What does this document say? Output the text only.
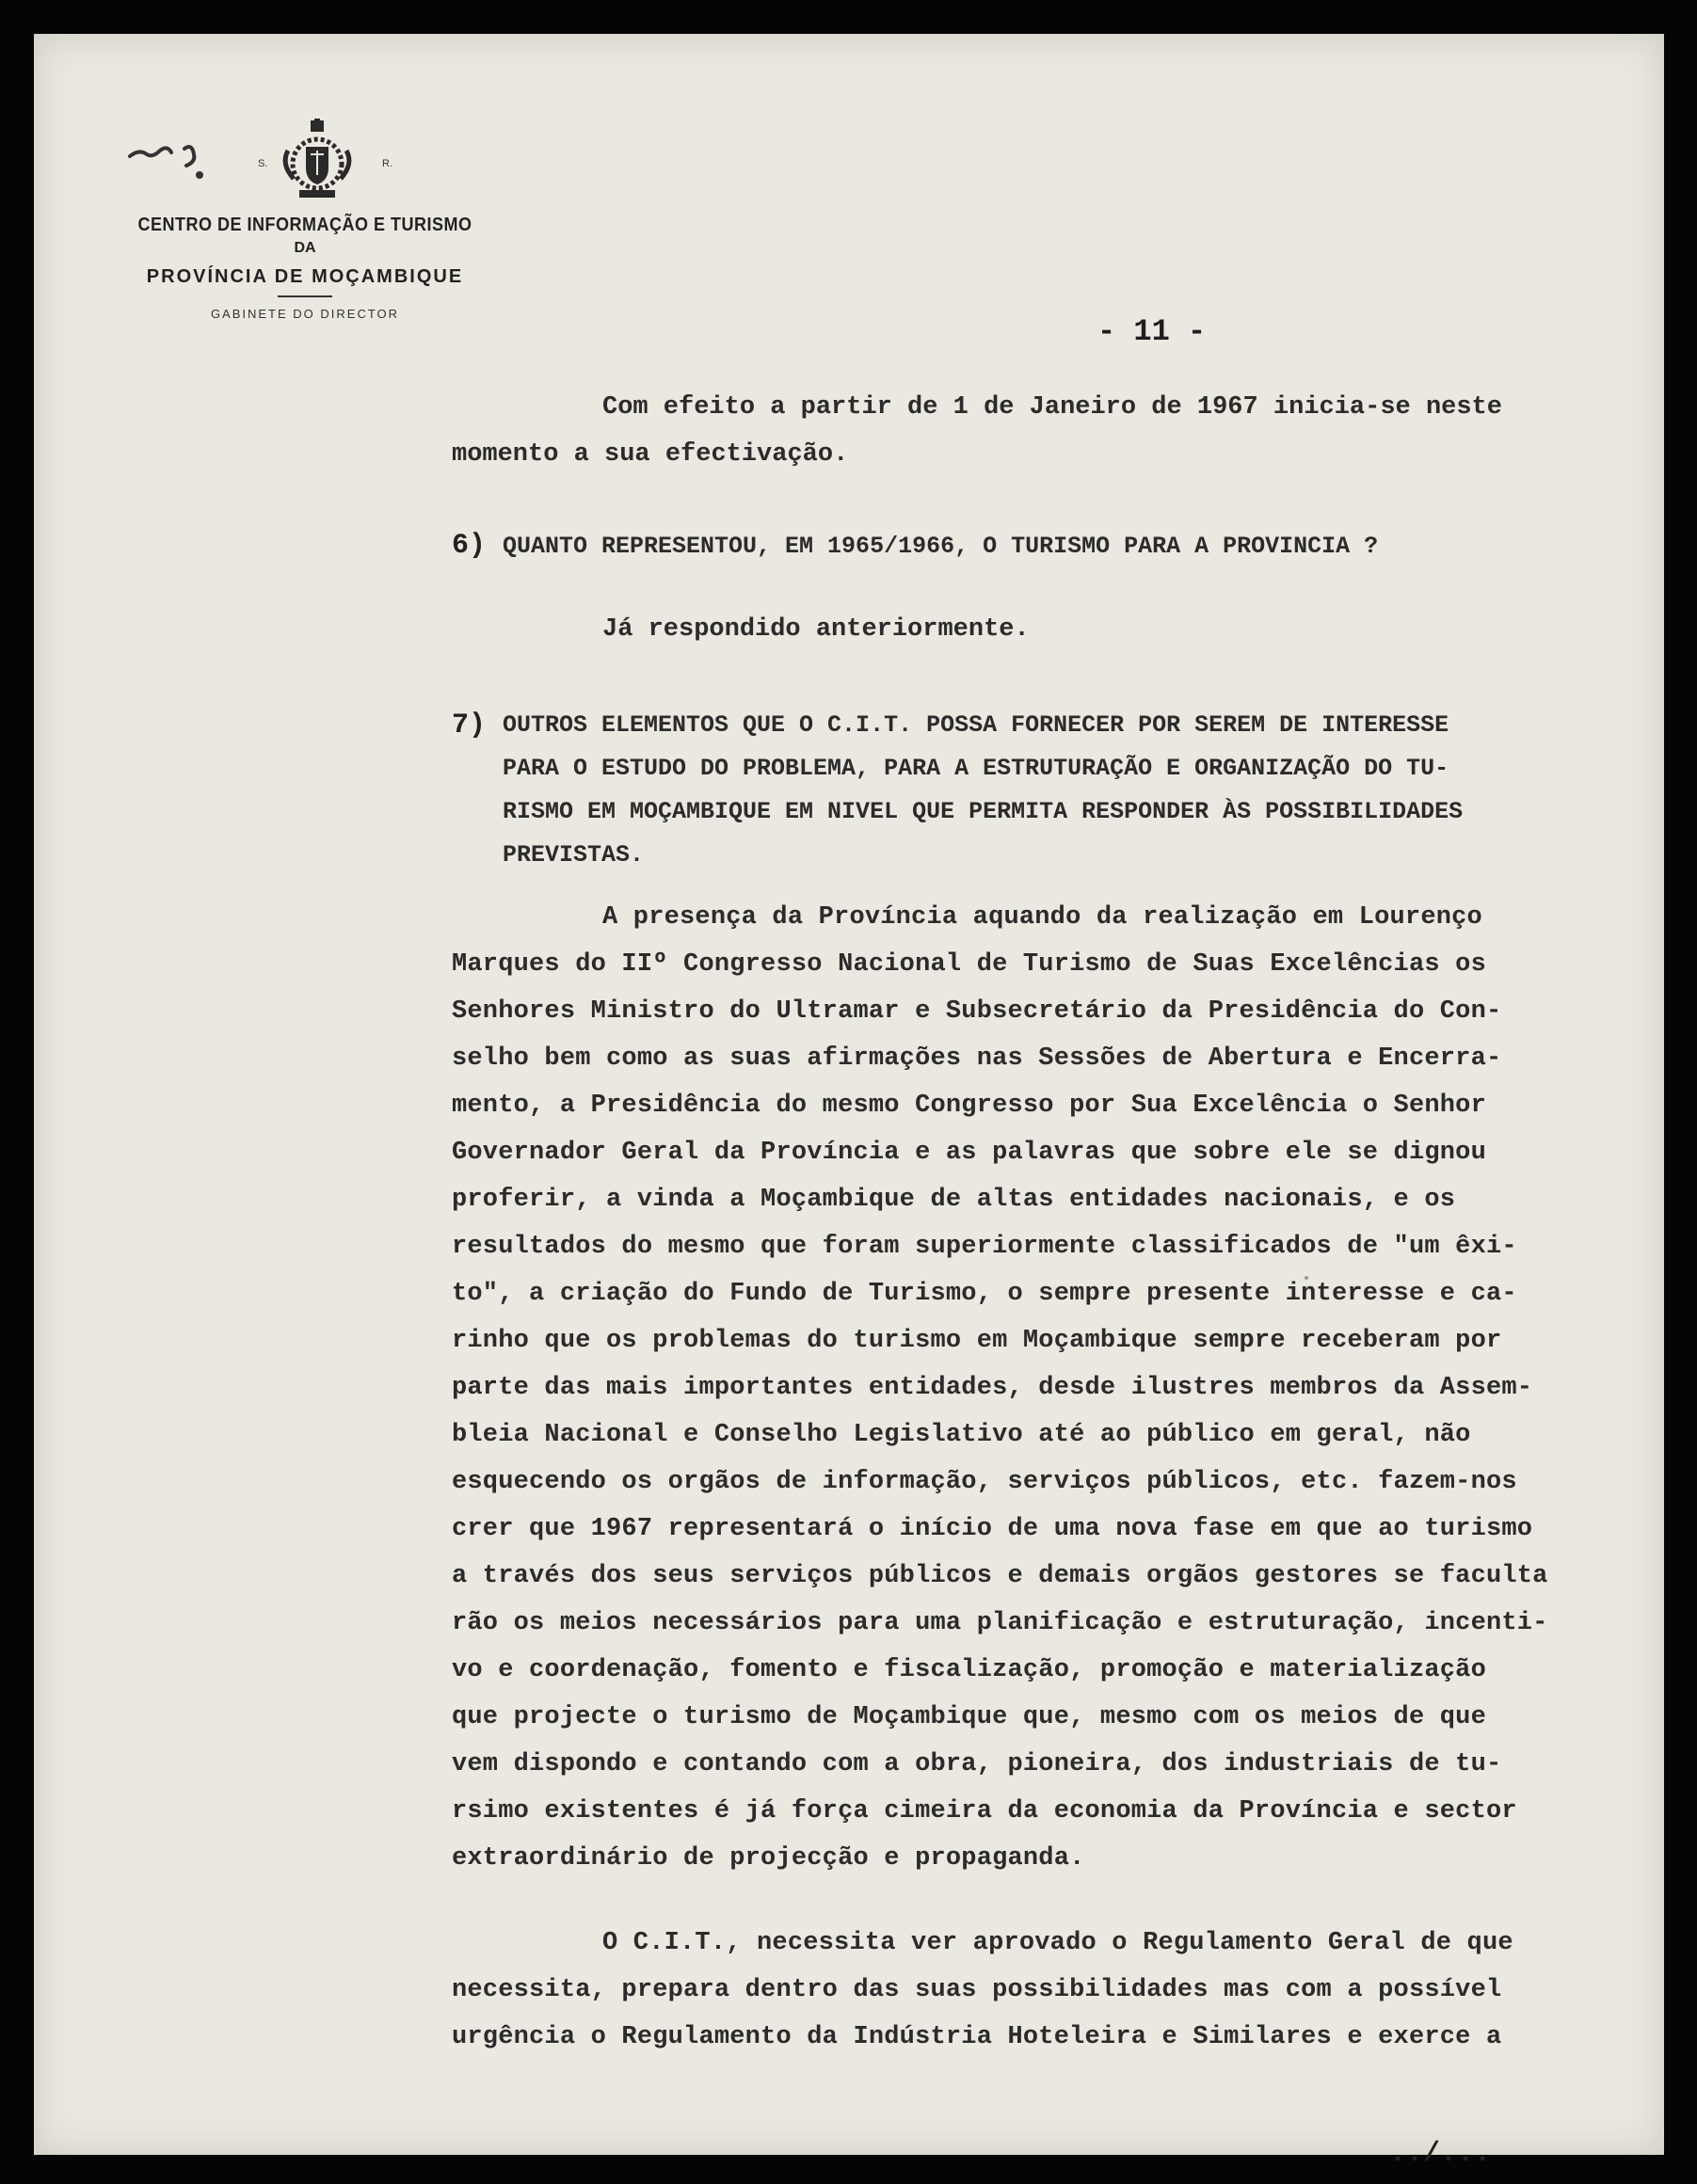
S.	R.
CENTRO DE INFORMAÇÃO E TURISMO
DA
PROVÍNCIA DE MOÇAMBIQUE
GABINETE DO DIRECTOR
- 11 -
Com efeito a partir de 1 de Janeiro de 1967 inicia-se neste
momento a sua efectivação.
6) QUANTO REPRESENTOU, EM 1965/1966, O TURISMO PARA A PROVINCIA ?
Já respondido anteriormente.
7) OUTROS ELEMENTOS QUE O C.I.T. POSSA FORNECER POR SEREM DE INTERESSE
PARA O ESTUDO DO PROBLEMA, PARA A ESTRUTURAÇÃO E ORGANIZAÇÃO DO TU-
RISMO EM MOÇAMBIQUE EM NIVEL QUE PERMITA RESPONDER ÀS POSSIBILIDADES
PREVISTAS.
A presença da Província aquando da realização em Lourenço
Marques do IIº Congresso Nacional de Turismo de Suas Excelências os
Senhores Ministro do Ultramar e Subsecretário da Presidência do Con-
selho bem como as suas afirmações nas Sessões de Abertura e Encerra-
mento, a Presidência do mesmo Congresso por Sua Excelência o Senhor
Governador Geral da Província e as palavras que sobre ele se dignou
proferir, a vinda a Moçambique de altas entidades nacionais, e os
resultados do mesmo que foram superiormente classificados de "um êxi-
to", a criação do Fundo de Turismo, o sempre presente interesse e ca-
rinho que os problemas do turismo em Moçambique sempre receberam por
parte das mais importantes entidades, desde ilustres membros da Assem-
bleia Nacional e Conselho Legislativo até ao público em geral, não
esquecendo os orgãos de informação, serviços públicos, etc. fazem-nos
crer que 1967 representará o início de uma nova fase em que ao turismo
a través dos seus serviços públicos e demais orgãos gestores se faculta
rão os meios necessários para uma planificação e estruturação, incenti-
vo e coordenação, fomento e fiscalização, promoção e materialização
que projecte o turismo de Moçambique que, mesmo com os meios de que
vem dispondo e contando com a obra, pioneira, dos industriais de tu-
rsimo existentes é já força cimeira da economia da Província e sector
extraordinário de projecção e propaganda.
O C.I.T., necessita ver aprovado o Regulamento Geral de que
necessita, prepara dentro das suas possibilidades mas com a possível
urgência o Regulamento da Indústria Hoteleira e Similares e exerce a
../...
